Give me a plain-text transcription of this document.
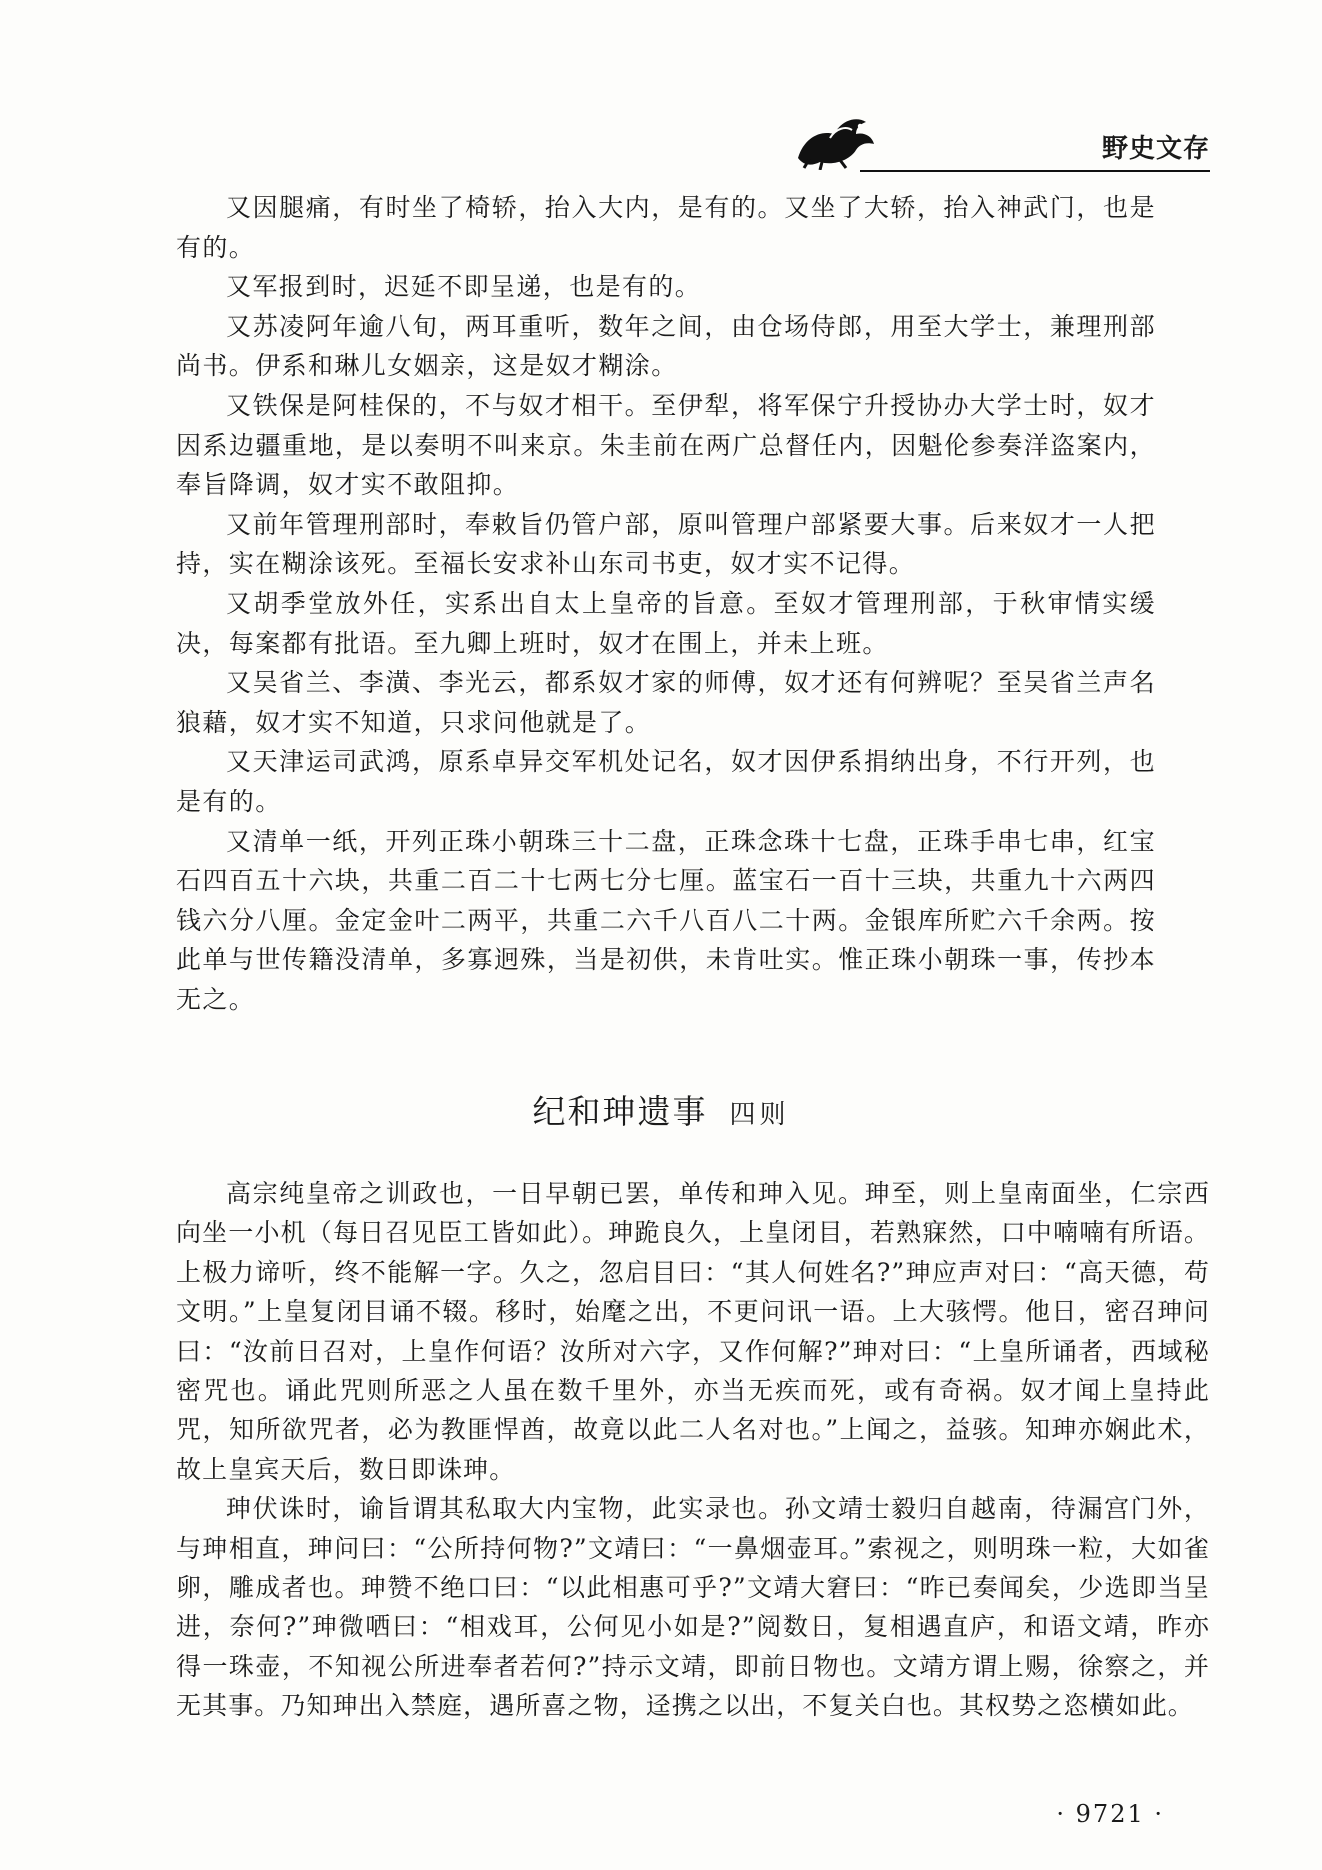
野史文存

又因腿痛，有时坐了椅轿，抬入大内，是有的。又坐了大轿，抬入神武门，也是有的。

又军报到时，迟延不即呈递，也是有的。

又苏凌阿年逾八旬，两耳重听，数年之间，由仓场侍郎，用至大学士，兼理刑部尚书。伊系和琳儿女姻亲，这是奴才糊涂。

又铁保是阿桂保的，不与奴才相干。至伊犁，将军保宁升授协办大学士时，奴才因系边疆重地，是以奏明不叫来京。朱圭前在两广总督任内，因魁伦参奏洋盗案内，奉旨降调，奴才实不敢阻抑。

又前年管理刑部时，奉敕旨仍管户部，原叫管理户部紧要大事。后来奴才一人把持，实在糊涂该死。至福长安求补山东司书吏，奴才实不记得。

又胡季堂放外任，实系出自太上皇帝的旨意。至奴才管理刑部，于秋审情实缓决，每案都有批语。至九卿上班时，奴才在围上，并未上班。

又吴省兰、李潢、李光云，都系奴才家的师傅，奴才还有何辨呢？至吴省兰声名狼藉，奴才实不知道，只求问他就是了。

又天津运司武鸿，原系卓异交军机处记名，奴才因伊系捐纳出身，不行开列，也是有的。

又清单一纸，开列正珠小朝珠三十二盘，正珠念珠十七盘，正珠手串七串，红宝石四百五十六块，共重二百二十七两七分七厘。蓝宝石一百十三块，共重九十六两四钱六分八厘。金定金叶二两平，共重二六千八百八二十两。金银库所贮六千余两。按此单与世传籍没清单，多寡迥殊，当是初供，未肯吐实。惟正珠小朝珠一事，传抄本无之。

纪和珅遗事 四则

高宗纯皇帝之训政也，一日早朝已罢，单传和珅入见。珅至，则上皇南面坐，仁宗西向坐一小机（每日召见臣工皆如此）。珅跪良久，上皇闭目，若熟寐然，口中喃喃有所语。上极力谛听，终不能解一字。久之，忽启目曰：“其人何姓名?”珅应声对曰：“高天德，苟文明。”上皇复闭目诵不辍。移时，始麾之出，不更问讯一语。上大骇愕。他日，密召珅问曰：“汝前日召对，上皇作何语？汝所对六字，又作何解?”珅对曰：“上皇所诵者，西域秘密咒也。诵此咒则所恶之人虽在数千里外，亦当无疾而死，或有奇祸。奴才闻上皇持此咒，知所欲咒者，必为教匪悍酋，故竟以此二人名对也。”上闻之，益骇。知珅亦娴此术，故上皇宾天后，数日即诛珅。

珅伏诛时，谕旨谓其私取大内宝物，此实录也。孙文靖士毅归自越南，待漏宫门外，与珅相直，珅问曰：“公所持何物?”文靖曰：“一鼻烟壶耳。”索视之，则明珠一粒，大如雀卵，雕成者也。珅赞不绝口曰：“以此相惠可乎?”文靖大窘曰：“昨已奏闻矣，少选即当呈进，奈何?”珅微哂曰：“相戏耳，公何见小如是?”阅数日，复相遇直庐，和语文靖，昨亦得一珠壶，不知视公所进奉者若何?”持示文靖，即前日物也。文靖方谓上赐，徐察之，并无其事。乃知珅出入禁庭，遇所喜之物，迳携之以出，不复关白也。其权势之恣横如此。

· 9721 ·
